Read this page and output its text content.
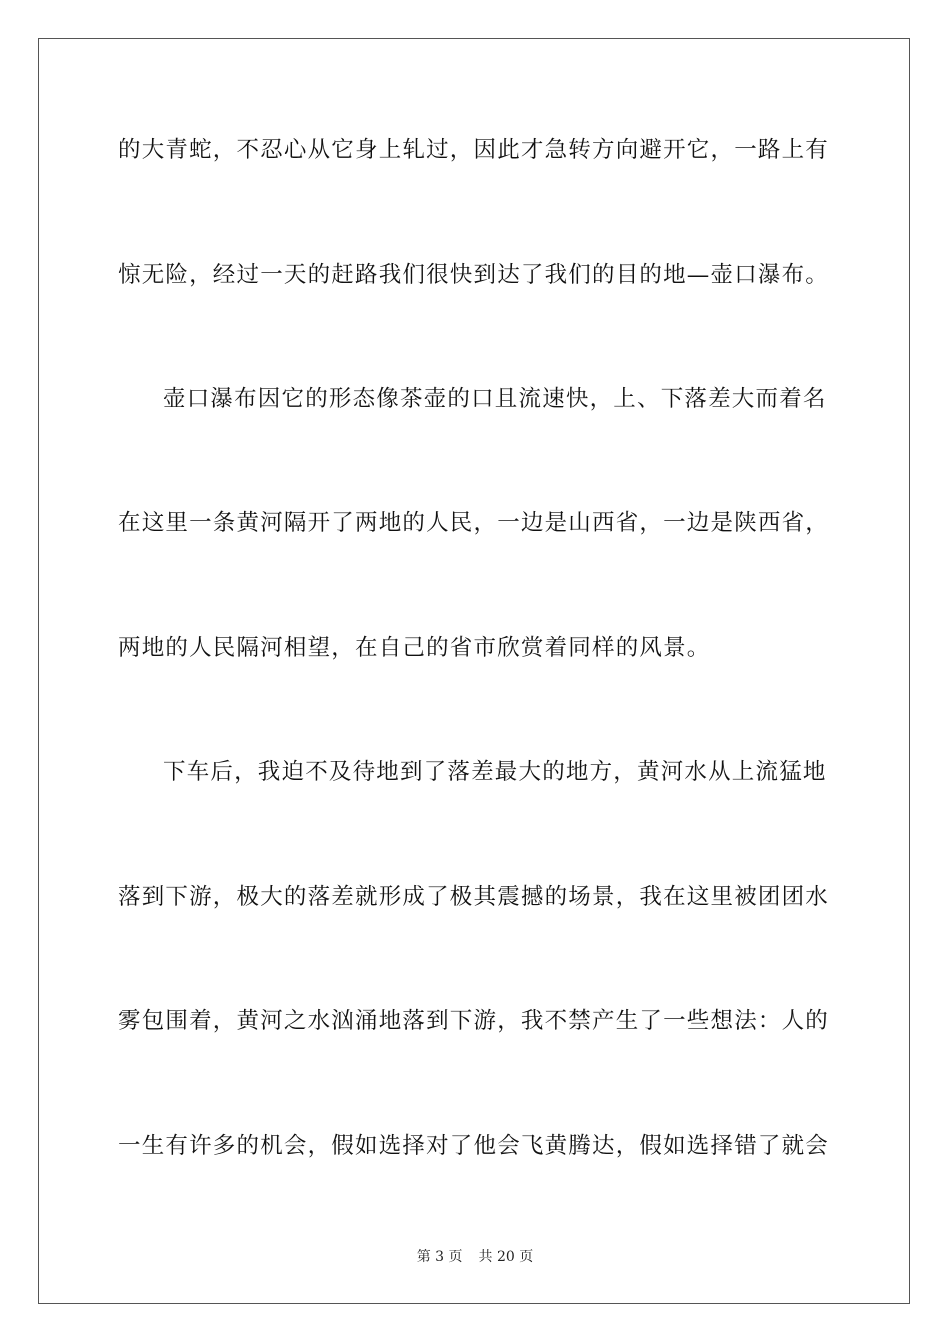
的大青蛇，不忍心从它身上轧过，因此才急转方向避开它，一路上有
惊无险，经过一天的赶路我们很快到达了我们的目的地—壶口瀑布。
壶口瀑布因它的形态像茶壶的口且流速快，上、下落差大而着名
在这里一条黄河隔开了两地的人民，一边是山西省，一边是陕西省，
两地的人民隔河相望，在自己的省市欣赏着同样的风景。
下车后，我迫不及待地到了落差最大的地方，黄河水从上流猛地
落到下游，极大的落差就形成了极其震撼的场景，我在这里被团团水
雾包围着，黄河之水汹涌地落到下游，我不禁产生了一些想法：人的
一生有许多的机会，假如选择对了他会飞黄腾达，假如选择错了就会
第 3 页 共 20 页
